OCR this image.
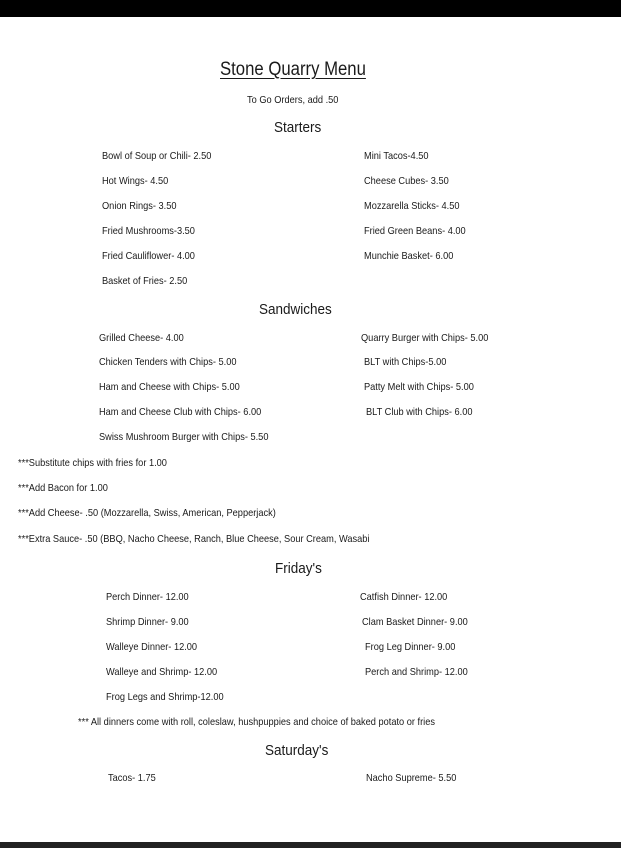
Stone Quarry Menu
To Go Orders, add .50
Starters
Bowl of Soup or Chili- 2.50
Hot Wings- 4.50
Onion Rings- 3.50
Fried Mushrooms-3.50
Fried Cauliflower- 4.00
Basket of Fries- 2.50
Mini Tacos-4.50
Cheese Cubes- 3.50
Mozzarella Sticks- 4.50
Fried Green Beans- 4.00
Munchie Basket- 6.00
Sandwiches
Grilled Cheese- 4.00
Chicken Tenders with Chips- 5.00
Ham and Cheese with Chips- 5.00
Ham and Cheese Club with Chips- 6.00
Swiss Mushroom Burger with Chips- 5.50
Quarry Burger with Chips- 5.00
BLT with Chips-5.00
Patty Melt with Chips- 5.00
BLT Club with Chips- 6.00
***Substitute chips with fries for 1.00
***Add Bacon for 1.00
***Add Cheese- .50 (Mozzarella, Swiss, American, Pepperjack)
***Extra Sauce- .50 (BBQ, Nacho Cheese, Ranch, Blue Cheese, Sour Cream, Wasabi
Friday's
Perch Dinner- 12.00
Shrimp Dinner- 9.00
Walleye Dinner- 12.00
Walleye and Shrimp- 12.00
Frog Legs and Shrimp-12.00
Catfish Dinner- 12.00
Clam Basket Dinner- 9.00
Frog Leg Dinner- 9.00
Perch and Shrimp- 12.00
*** All dinners come with roll, coleslaw, hushpuppies and choice of baked potato or fries
Saturday's
Tacos- 1.75	Nacho Supreme- 5.50
